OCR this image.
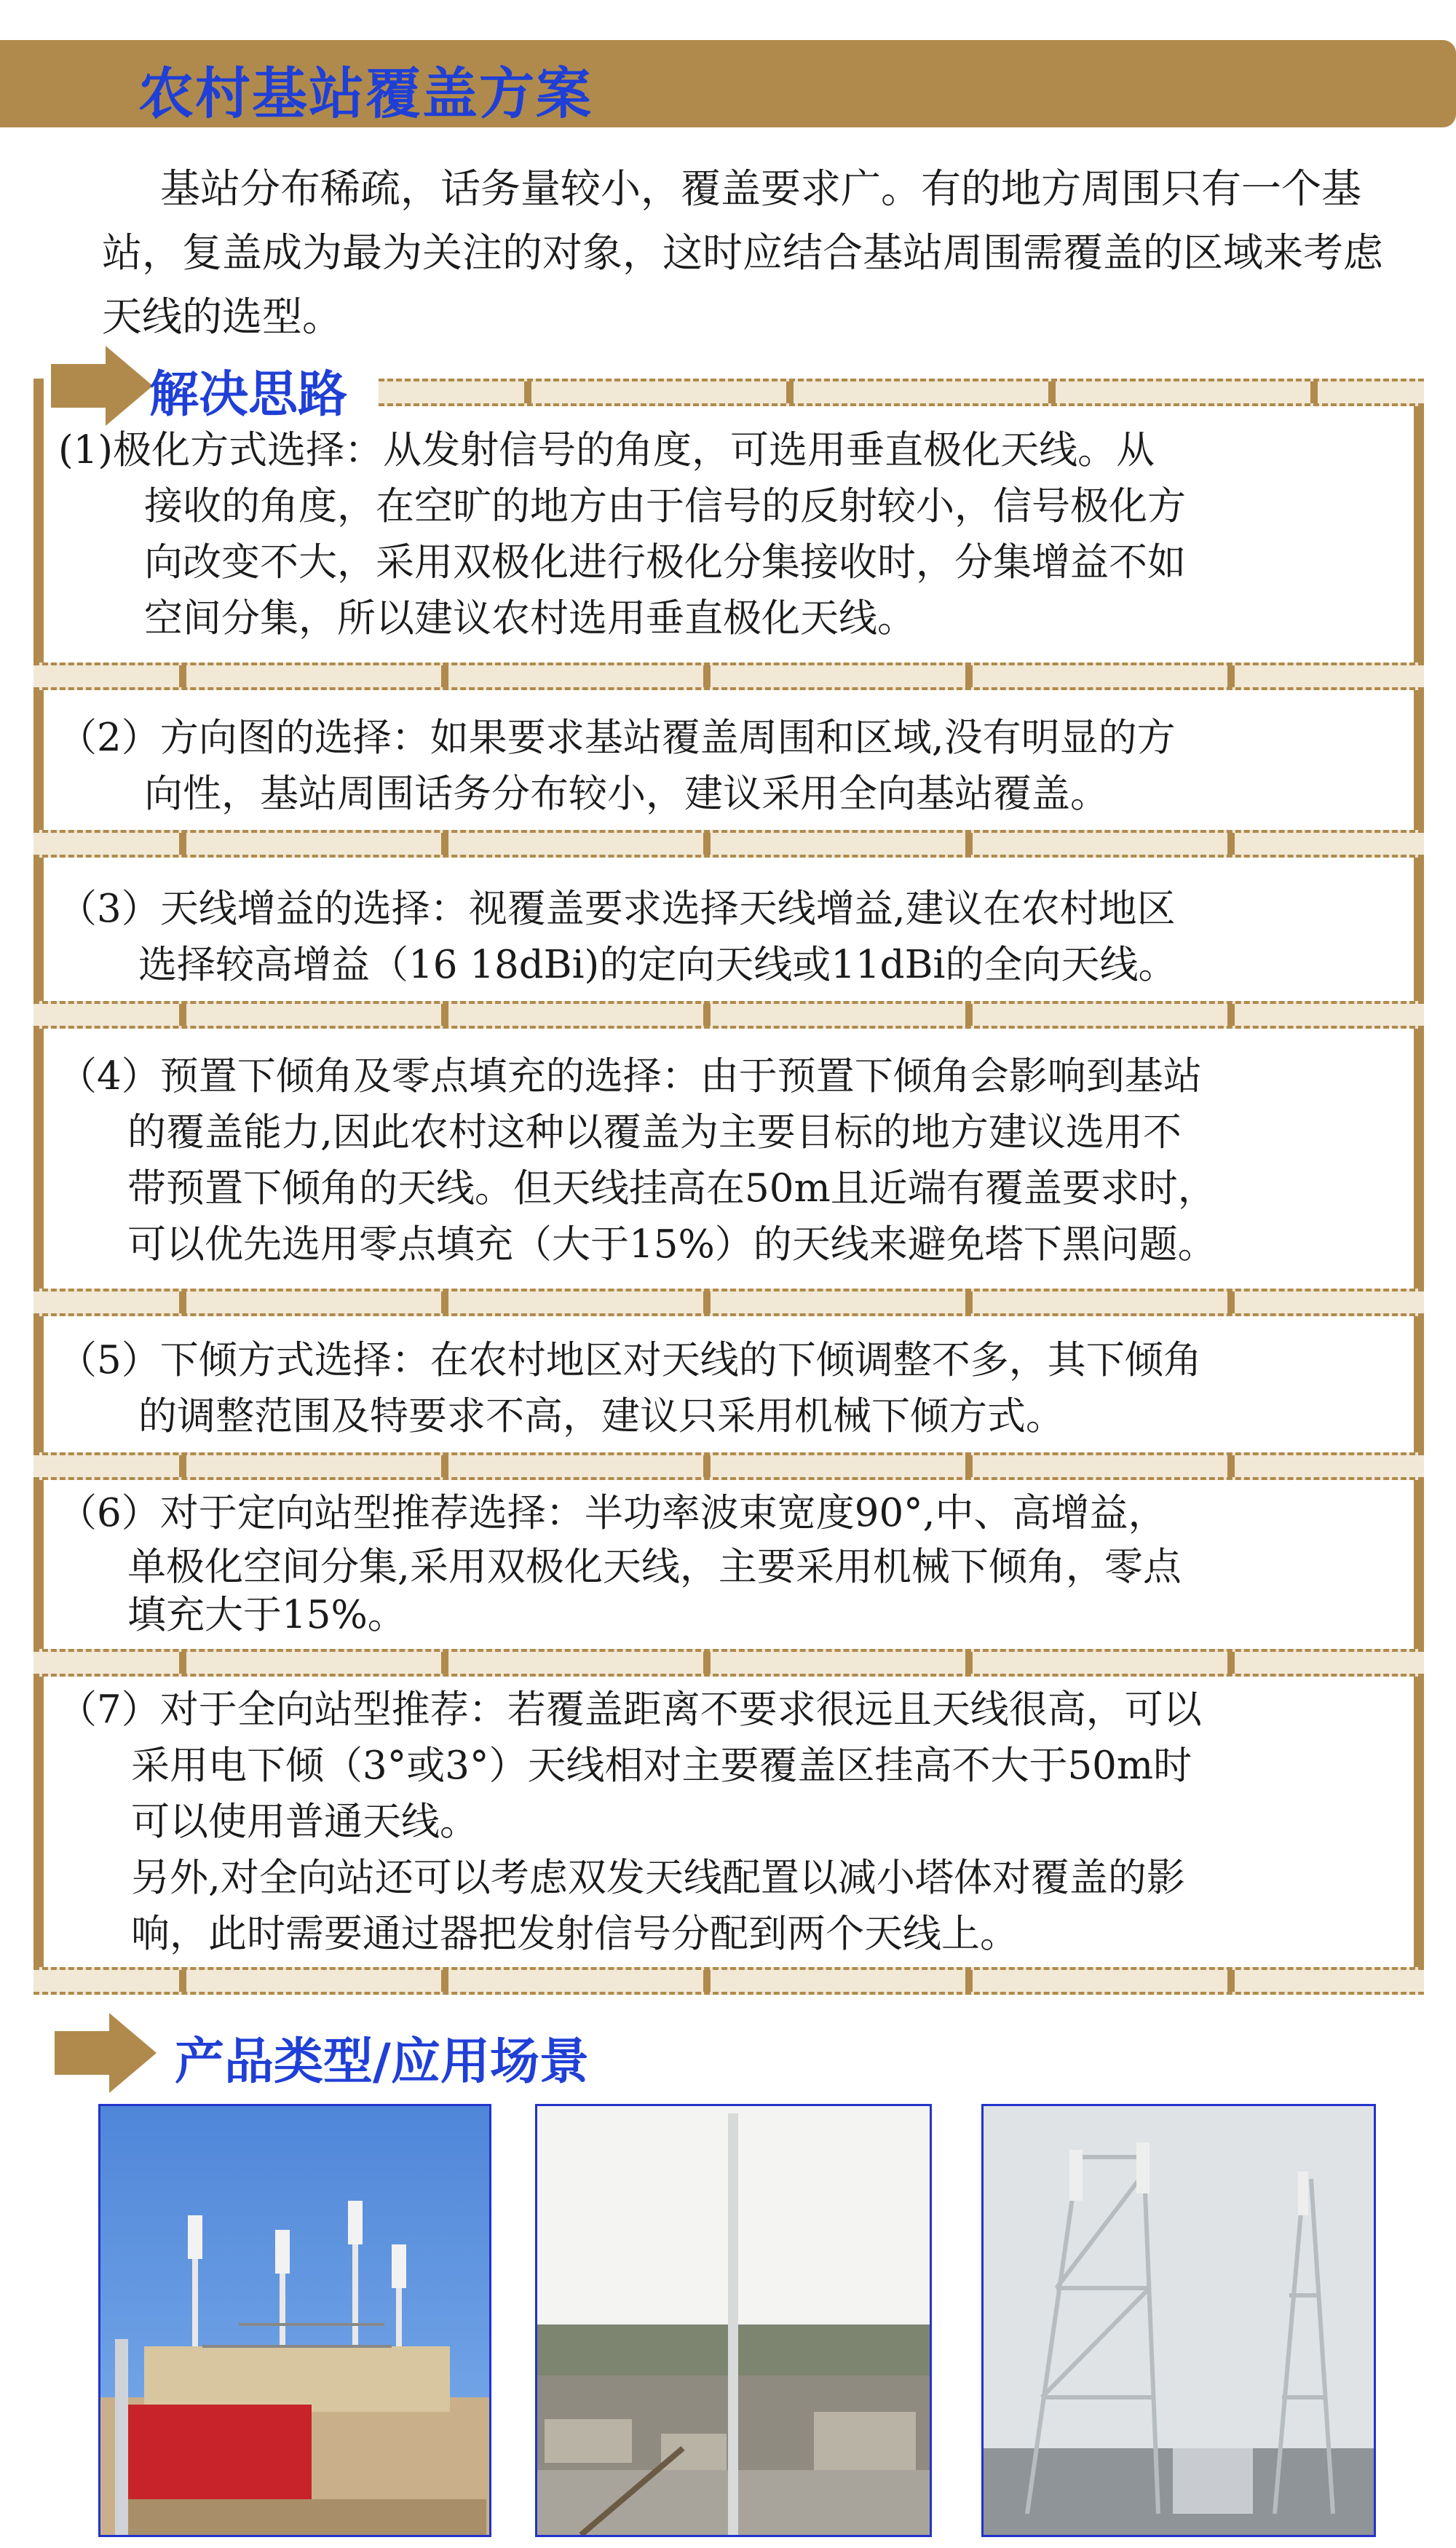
农村基站覆盖方案
基站分布稀疏，话务量较小，覆盖要求广。有的地方周围只有一个基站，复盖成为最为关注的对象，这时应结合基站周围需覆盖的区域来考虑天线的选型。
解决思路
(1)极化方式选择：从发射信号的角度，可选用垂直极化天线。从
接收的角度，在空旷的地方由于信号的反射较小，信号极化方
向改变不大，采用双极化进行极化分集接收时，分集增益不如
空间分集，所以建议农村选用垂直极化天线。
（2）方向图的选择：如果要求基站覆盖周围和区域,没有明显的方
向性，基站周围话务分布较小，建议采用全向基站覆盖。
（3）天线增益的选择：视覆盖要求选择天线增益,建议在农村地区
选择较高增益（16 18dBi)的定向天线或11dBi的全向天线。
（4）预置下倾角及零点填充的选择：由于预置下倾角会影响到基站
的覆盖能力,因此农村这种以覆盖为主要目标的地方建议选用不
带预置下倾角的天线。但天线挂高在50m且近端有覆盖要求时，
可以优先选用零点填充（大于15%）的天线来避免塔下黑问题。
（5）下倾方式选择：在农村地区对天线的下倾调整不多，其下倾角
的调整范围及特要求不高，建议只采用机械下倾方式。
（6）对于定向站型推荐选择：半功率波束宽度90°,中、高增益，
单极化空间分集,采用双极化天线，主要采用机械下倾角，零点
填充大于15%。
（7）对于全向站型推荐：若覆盖距离不要求很远且天线很高，可以
采用电下倾（3°或3°）天线相对主要覆盖区挂高不大于50m时
可以使用普通天线。
另外,对全向站还可以考虑双发天线配置以减小塔体对覆盖的影
响，此时需要通过器把发射信号分配到两个天线上。
产品类型/应用场景
